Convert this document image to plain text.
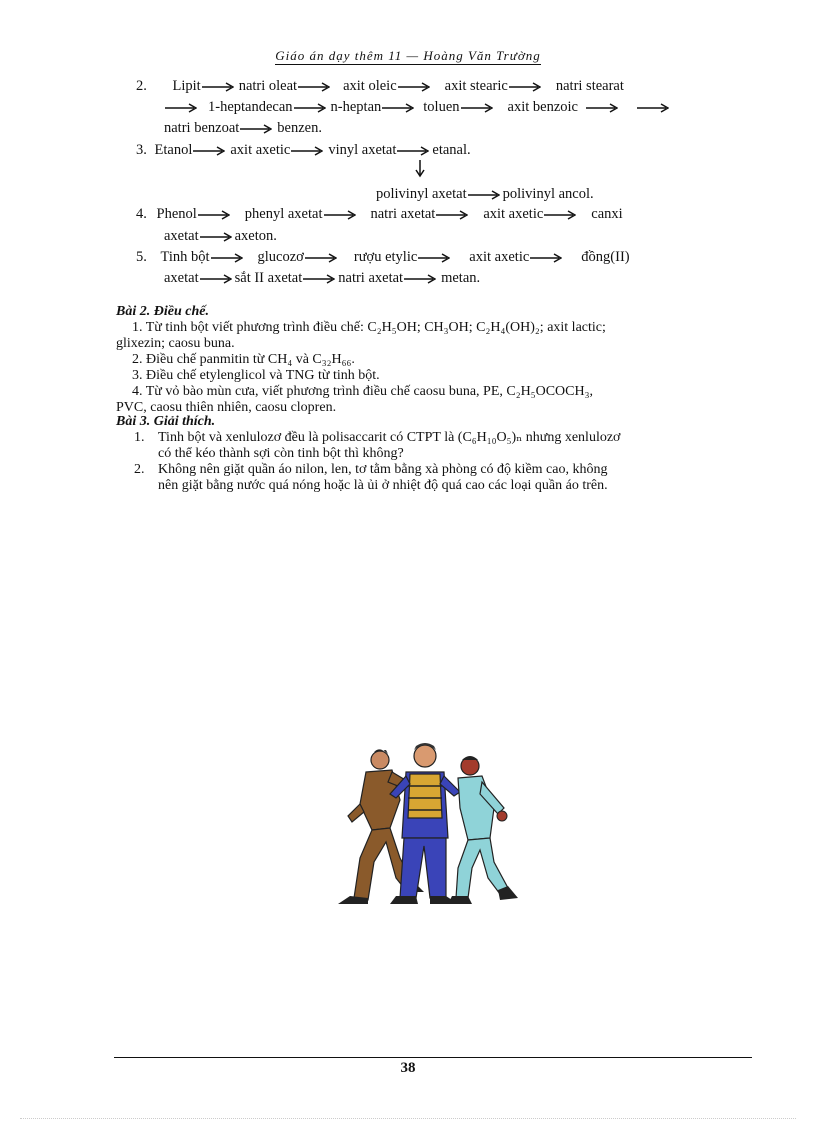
Giáo án dạy thêm 11 — Hoàng Văn Trường
2. Lipit	natri oleat	axit oleic	axit stearic	natri stearat
1-heptandecan	n-heptan	toluen	axit benzoic
natri benzoat	benzen.
3. Etanol	axit axetic	vinyl axetat etanal.
polivinyl axetat polivinyl ancol.
4. Phenol	phenyl axetat	natri axetat	axit axetic	canxi
axetat axeton.
5. Tinh bột	glucozơ	rượu etylic	axit axetic	đồng(II)
axetat sắt II axetat natri axetat	metan.
Bài 2. Điều chế.
1. Từ tinh bột viết phương trình điều chế: C₂H₅OH; CH₃OH; C₂H₄(OH)₂; axit lactic;
glixezin; caosu buna.
2. Điều chế panmitin từ CH₄ và C₃₂H₆₆.
3. Điều chế etylenglicol và TNG từ tinh bột.
4. Từ vỏ bào mùn cưa, viết phương trình điều chế caosu buna, PE, C₂H₅OCOCH₃,
PVC, caosu thiên nhiên, caosu clopren.
Bài 3. Giải thích.
1. Tinh bột và xenlulozơ đều là polisaccarit có CTPT là (C₆H₁₀O₅)ₙ nhưng xenlulozơ
có thể kéo thành sợi còn tinh bột thì không?
2. Không nên giặt quần áo nilon, len, tơ tằm bằng xà phòng có độ kiềm cao, không
nên giặt bằng nước quá nóng hoặc là ủi ở nhiệt độ quá cao các loại quần áo trên.
38
